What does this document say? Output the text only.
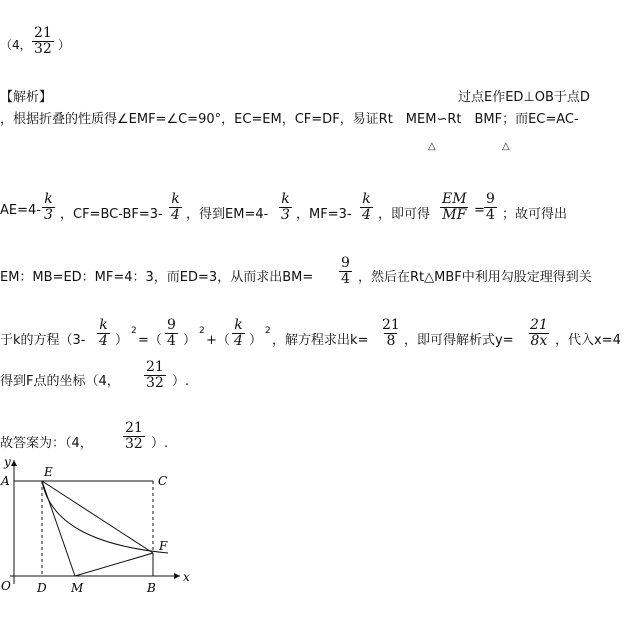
（4， $\frac{21}{32}$ ）
【解析】	过点E作ED⊥OB于点D
，根据折叠的性质得∠EMF=∠C=90°，EC=EM，CF=DF，易证Rt　MEM∽Rt　BMF；而EC=AC-
△	△
$AE=4- \frac{k}{3}$ ，$CF=BC-BF=3- \frac{k}{4}$ ，得到$EM=4- \frac{k}{3}$ ，$MF=3- \frac{k}{4}$ ，即可得 $\frac{EM}{MF} = \frac{9}{4}$ ；故可得出
EM：MB=ED：MF=4：3，而ED=3，从而求出$BM= \frac{9}{4}$ ，然后在Rt△MBF中利用勾股定理得到关
于k的方程（$3- \frac{k}{4}$ ）
2
=（ $\frac{9}{4}$ ）
2
+（ $\frac{k}{4}$ ）
2
，解方程求出$k= \frac{21}{8}$ ，即可得解析式$y= \frac{21}{8x}$ ，代入x=4
得到F点的坐标（4， $\frac{21}{32}$ ）.
故答案为：（4， $\frac{21}{32}$ ）.
y
x
A
E
C
F
O D M	B
